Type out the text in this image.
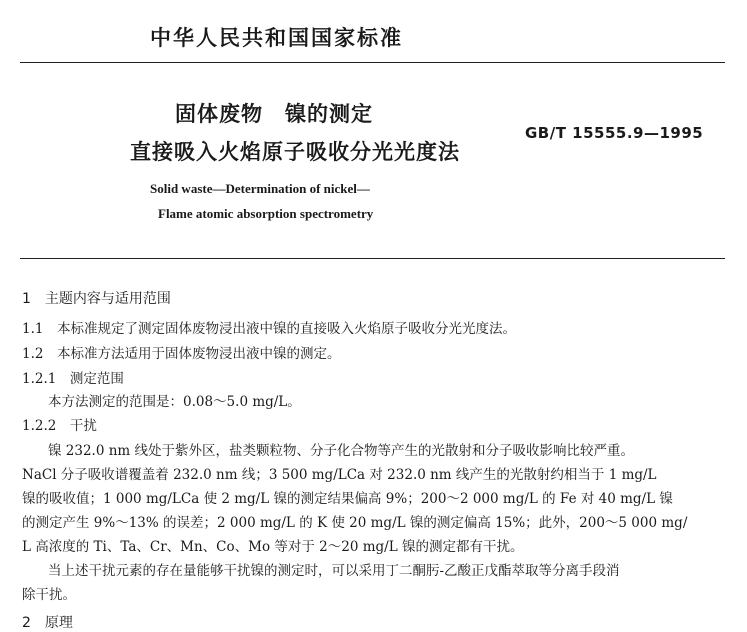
中华人民共和国国家标准
固体废物　镍的测定
直接吸入火焰原子吸收分光光度法
GB/T 15555.9—1995
Solid waste—Determination of nickel—
Flame atomic absorption spectrometry
1　主题内容与适用范围
1.1　本标准规定了测定固体废物浸出液中镍的直接吸入火焰原子吸收分光光度法。
1.2　本标准方法适用于固体废物浸出液中镍的测定。
1.2.1　测定范围
本方法测定的范围是：0.08～5.0 mg/L。
1.2.2　干扰
镍 232.0 nm 线处于紫外区，盐类颗粒物、分子化合物等产生的光散射和分子吸收影响比较严重。
NaCl 分子吸收谱覆盖着 232.0 nm 线；3 500 mg/LCa 对 232.0 nm 线产生的光散射约相当于 1 mg/L
镍的吸收值；1 000 mg/LCa 使 2 mg/L 镍的测定结果偏高 9%；200～2 000 mg/L 的 Fe 对 40 mg/L 镍
的测定产生 9%～13% 的误差；2 000 mg/L 的 K 使 20 mg/L 镍的测定偏高 15%；此外，200～5 000 mg/
L 高浓度的 Ti、Ta、Cr、Mn、Co、Mo 等对于 2～20 mg/L 镍的测定都有干扰。
当上述干扰元素的存在量能够干扰镍的测定时，可以采用丁二酮肟-乙酸正戊酯萃取等分离手段消
除干扰。
2　原理
